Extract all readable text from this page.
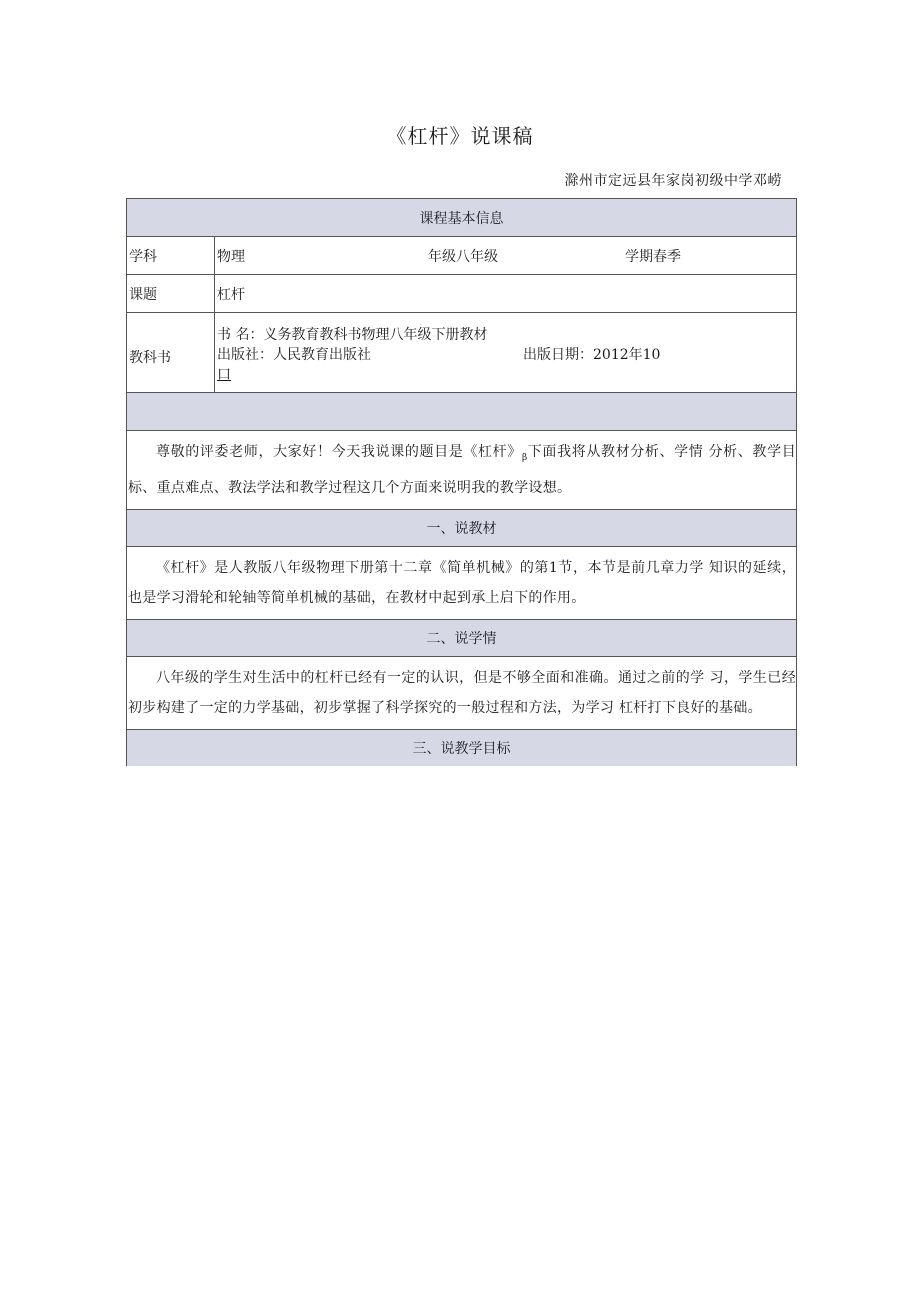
《杠杆》说课稿
滁州市定远县年家岗初级中学邓崂
课程基本信息	
学科	物理 年级八年级 学期春季

课题	杠杆
教科书	书 名：义务教育教科书物理八年级下册教材
出版社：人民教育出版社 出版日期：2012年10
口

尊敬的评委老师，大家好！今天我说课的题目是《杠杆》$_\beta$下面我将从教材分析、学情 分析、教学目标、重点难点、教法学法和教学过程这几个方面来说明我的教学设想。	
一、说教材	
《杠杆》是人教版八年级物理下册第十二章《简单机械》的第1节，本节是前几章力学 知识的延续，也是学习滑轮和轮轴等简单机械的基础，在教材中起到承上启下的作用。	
二、说学情	
八年级的学生对生活中的杠杆已经有一定的认识，但是不够全面和准确。通过之前的学 习，学生已经初步构建了一定的力学基础，初步掌握了科学探究的一般过程和方法，为学习 杠杆打下良好的基础。	
三、说教学目标	
